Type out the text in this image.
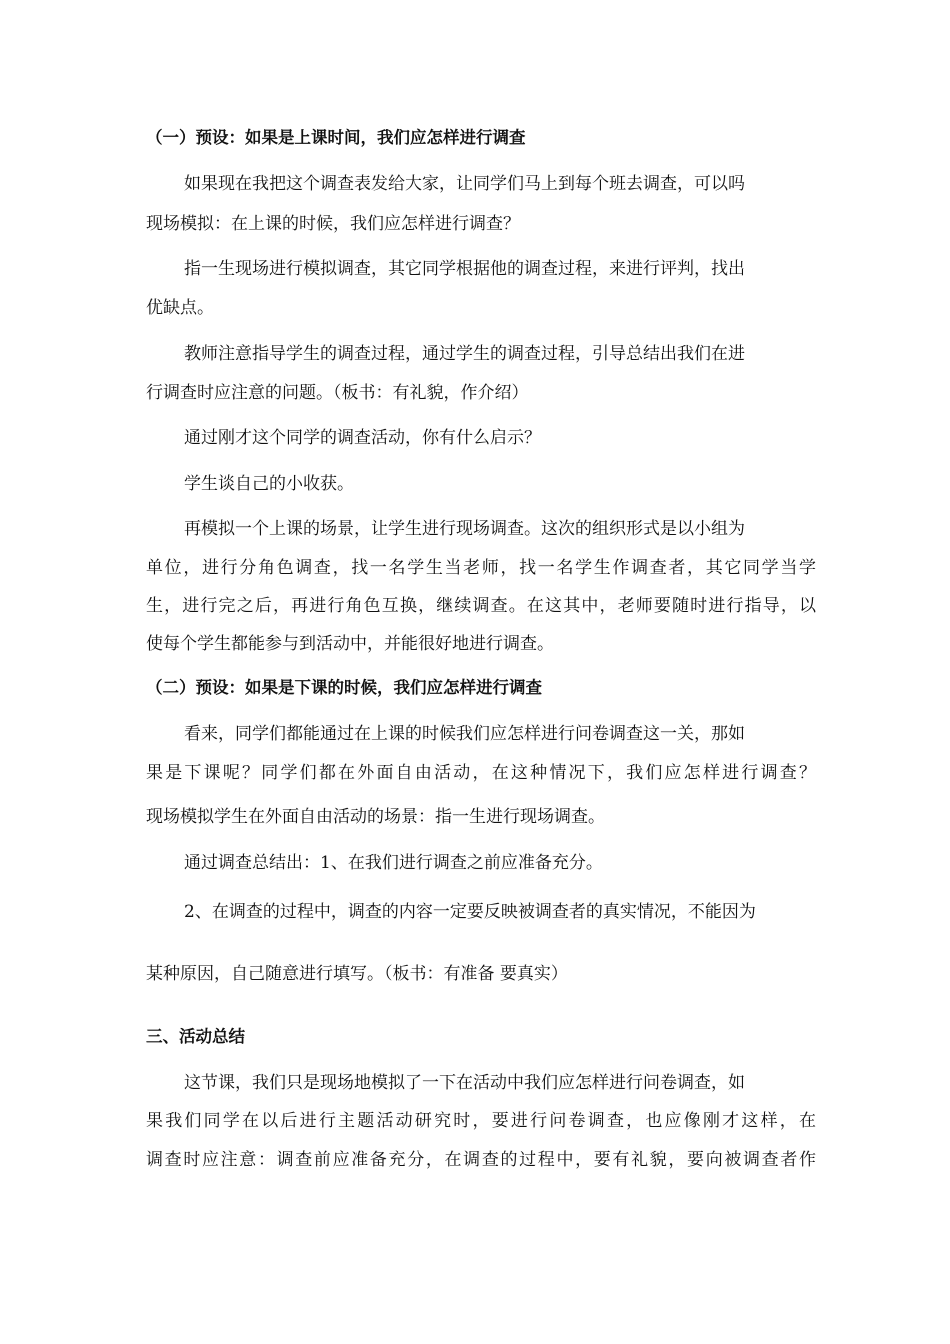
（一）预设：如果是上课时间，我们应怎样进行调查
如果现在我把这个调查表发给大家，让同学们马上到每个班去调查，可以吗
现场模拟：在上课的时候，我们应怎样进行调查？
指一生现场进行模拟调查，其它同学根据他的调查过程，来进行评判，找出
优缺点。
教师注意指导学生的调查过程，通过学生的调查过程，引导总结出我们在进
行调查时应注意的问题。（板书：有礼貌，作介绍）
通过刚才这个同学的调查活动，你有什么启示？
学生谈自己的小收获。
再模拟一个上课的场景，让学生进行现场调查。这次的组织形式是以小组为
单位，进行分角色调查，找一名学生当老师，找一名学生作调查者，其它同学当学
生，进行完之后，再进行角色互换，继续调查。在这其中，老师要随时进行指导，以
使每个学生都能参与到活动中，并能很好地进行调查。
（二）预设：如果是下课的时候，我们应怎样进行调查
看来，同学们都能通过在上课的时候我们应怎样进行问卷调查这一关，那如
果是下课呢？同学们都在外面自由活动，在这种情况下，我们应怎样进行调查？
现场模拟学生在外面自由活动的场景：指一生进行现场调查。
通过调查总结出：1、在我们进行调查之前应准备充分。
2、在调查的过程中，调查的内容一定要反映被调查者的真实情况，不能因为
某种原因，自己随意进行填写。（板书：有准备 要真实）
三、活动总结
这节课，我们只是现场地模拟了一下在活动中我们应怎样进行问卷调查，如
果我们同学在以后进行主题活动研究时，要进行问卷调查，也应像刚才这样，在
调查时应注意：调查前应准备充分，在调查的过程中，要有礼貌，要向被调查者作
